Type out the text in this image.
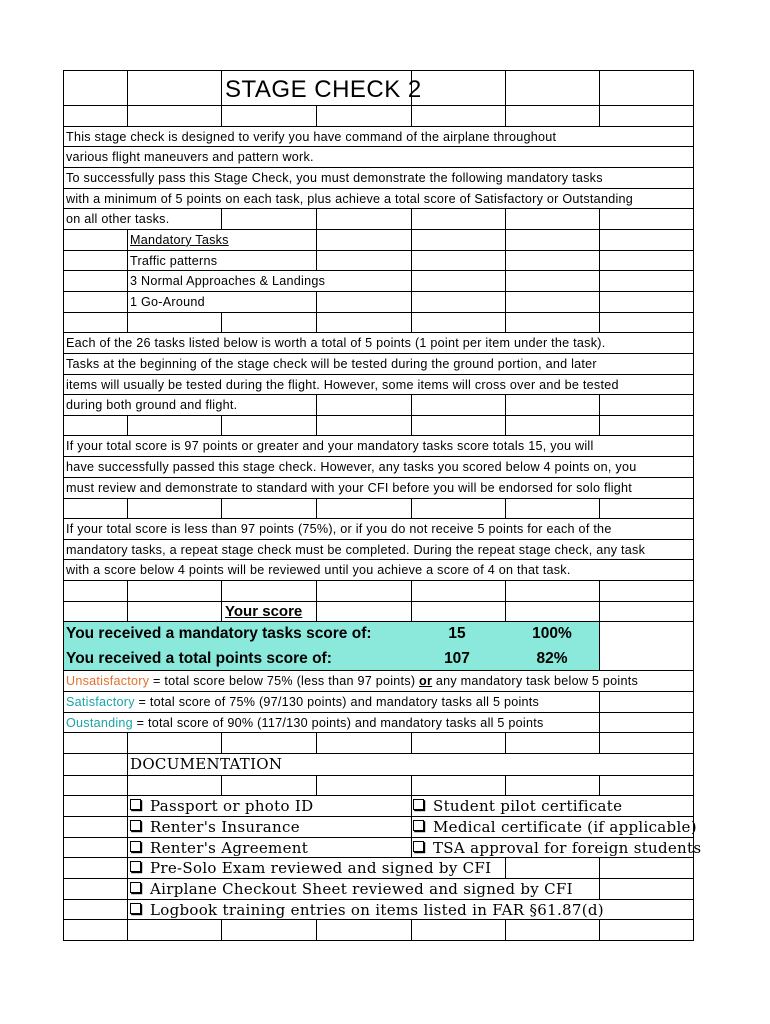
STAGE CHECK 2
This stage check is designed to verify you have command of the airplane throughout
various flight maneuvers and pattern work.
To successfully pass this Stage Check, you must demonstrate the following mandatory tasks
with a minimum of 5 points on each task, plus achieve a total score of Satisfactory or Outstanding
on all other tasks.
Mandatory Tasks
Traffic patterns
3 Normal Approaches & Landings
1 Go-Around
Each of the 26 tasks listed below is worth a total of 5 points (1 point per item under the task).
Tasks at the beginning of the stage check will be tested during the ground portion, and later
items will usually be tested during the flight. However, some items will cross over and be tested
during both ground and flight.
If your total score is 97 points or greater and your mandatory tasks score totals 15, you will
have successfully passed this stage check. However, any tasks you scored below 4 points on, you
must review and demonstrate to standard with your CFI before you will be endorsed for solo flight
If your total score is less than 97 points (75%), or if you do not receive 5 points for each of the
mandatory tasks, a repeat stage check must be completed. During the repeat stage check, any task
with a score below 4 points will be reviewed until you achieve a score of 4 on that task.
Your score
You received a mandatory tasks score of:	15	100%
You received a total points score of:	107	82%
Unsatisfactory = total score below 75% (less than 97 points) or any mandatory task below 5 points
Satisfactory = total score of 75% (97/130 points) and mandatory tasks all 5 points
Oustanding = total score of 90% (117/130 points) and mandatory tasks all 5 points
DOCUMENTATION
Passport or photo ID	Student pilot certificate
Renter's Insurance	Medical certificate (if applicable)
Renter's Agreement	TSA approval for foreign students
Pre-Solo Exam reviewed and signed by CFI
Airplane Checkout Sheet reviewed and signed by CFI
Logbook training entries on items listed in FAR §61.87(d)
